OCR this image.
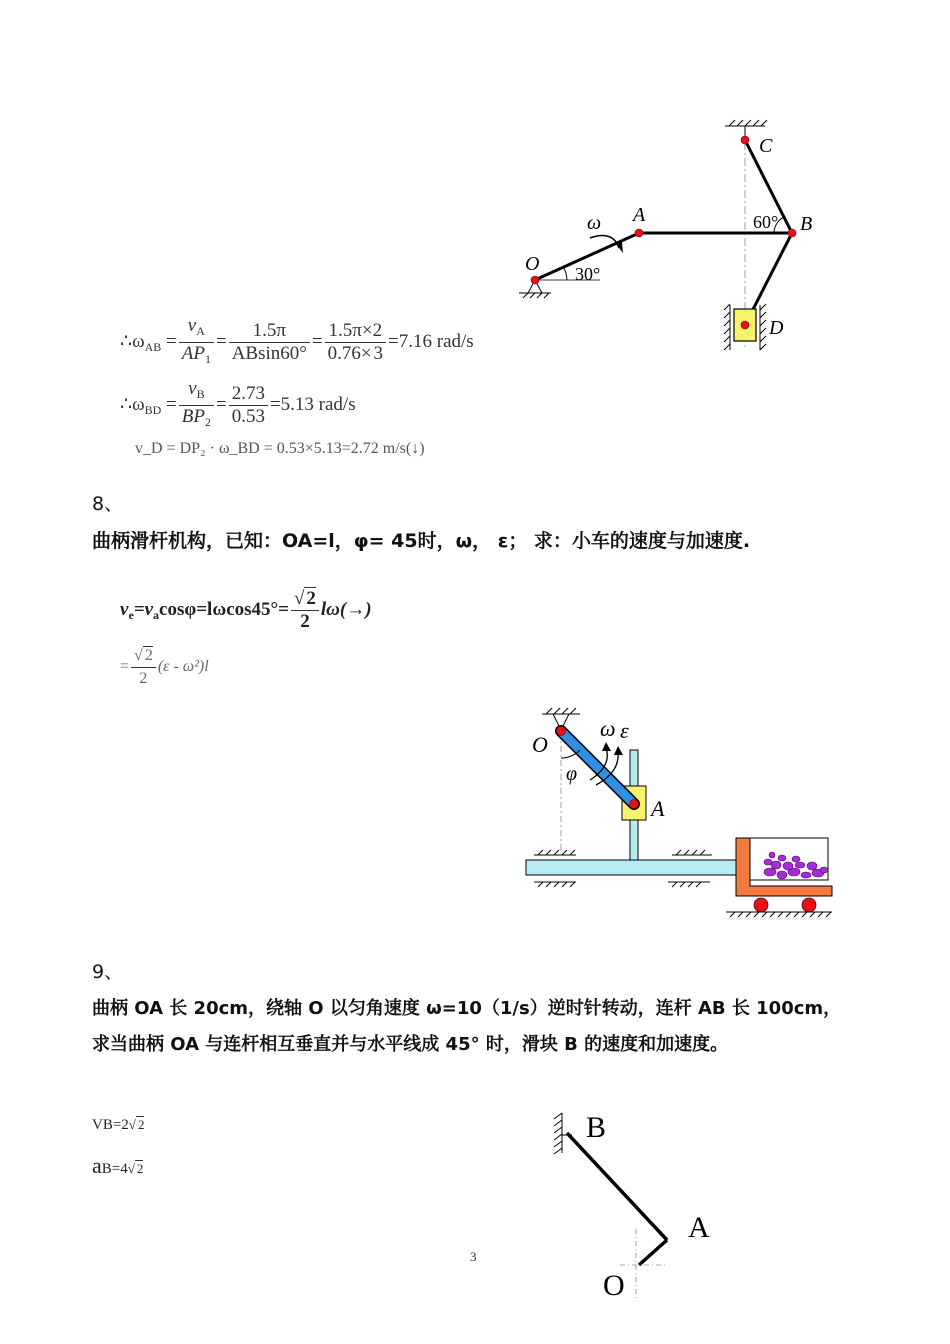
O
A	B
C
D
ω
30°
60°
$\therefore\omega_{AB} = \frac{v_A}{AP_1} = \frac{1.5\pi}{ABsin60^\circ} = \frac{1.5\pi\times 2}{0.76\times 3} =7.16$ rad/s
$\therefore\omega_{BD} = \frac{v_B}{BP_2} = \frac{2.73}{0.53} =5.13$ rad/s
v_D = DP₂ · ω_BD = 0.53×5.13=2.72 m/s(↓)
8、
曲柄滑杆机构，已知：OA=l，φ= 45时，ω， ε； 求：小车的速度与加速度.
$v_e=v_a\cos\varphi=l\omega\cos 45^\circ= \frac{√ 2}{2} l\omega(\to)$
= $\frac{√ 2}{2} (\varepsilon - \omega^2)l$
O
A
φ
ω ε
9、
曲柄 OA 长 20cm，绕轴 O 以匀角速度 ω=10（1/s）逆时针转动，连杆 AB 长 100cm，
求当曲柄 OA 与连杆相互垂直并与水平线成 45° 时，滑块 B 的速度和加速度。
VB=2√ 2
aB=4√ 2
B
A
O
3
